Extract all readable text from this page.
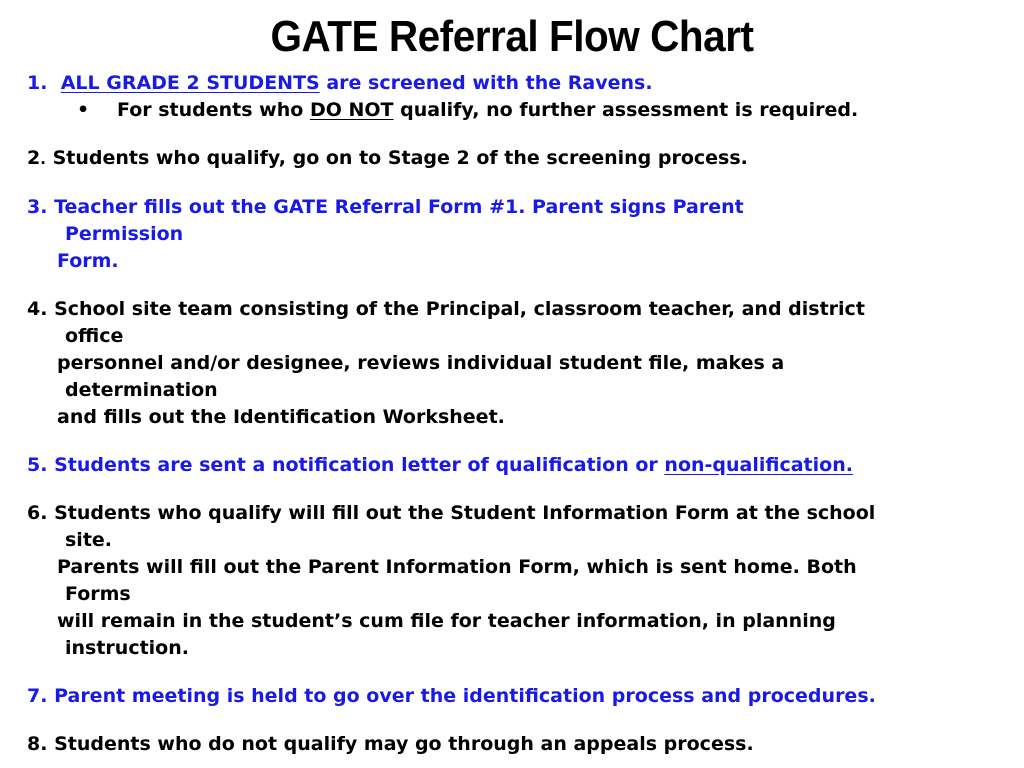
GATE Referral Flow Chart
1. ALL GRADE 2 STUDENTS are screened with the Ravens.
• For students who DO NOT qualify, no further assessment is required.
2. Students who qualify, go on to Stage 2 of the screening process.
3. Teacher fills out the GATE Referral Form #1. Parent signs Parent
Permission
Form.
4. School site team consisting of the Principal, classroom teacher, and district
office
personnel and/or designee, reviews individual student file, makes a
determination
and fills out the Identification Worksheet.
5. Students are sent a notification letter of qualification or non-qualification.
6. Students who qualify will fill out the Student Information Form at the school
site.
Parents will fill out the Parent Information Form, which is sent home. Both
Forms
will remain in the student’s cum file for teacher information, in planning
instruction.
7. Parent meeting is held to go over the identification process and procedures.
8. Students who do not qualify may go through an appeals process.
